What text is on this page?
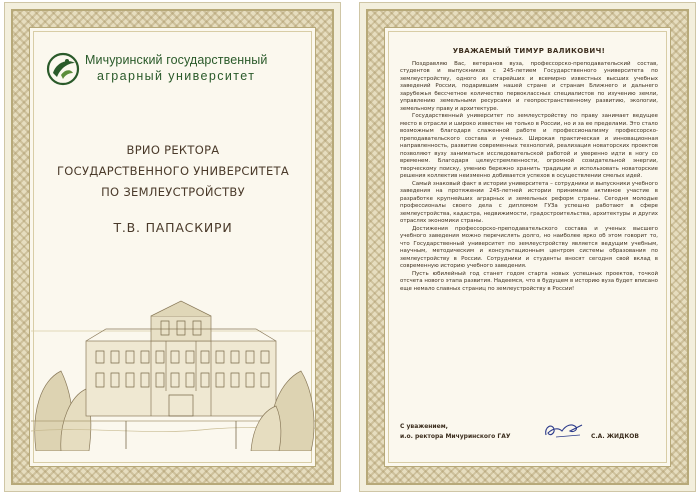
Мичуринский государственный
аграрный университет
ВРИО РЕКТОРА
ГОСУДАРСТВЕННОГО УНИВЕРСИТЕТА
ПО ЗЕМЛЕУСТРОЙСТВУ
Т.В. ПАПАСКИРИ
УВАЖАЕМЫЙ ТИМУР ВАЛИКОВИЧ!

Поздравляю Вас, ветеранов вуза, профессорско-преподавательский состав, студентов и выпускников с 245-летием Государственного университета по землеустройству, одного из старейших и всемирно известных высших учебных заведений России, подарившим нашей стране и странам Ближнего и дальнего зарубежья бессчетное количество первоклассных специалистов по изучению земли, управлению земельными ресурсами и геопространственному развитию, экологии, земельному праву и архитектуре.

Государственный университет по землеустройству по праву занимает ведущее место в отрасли и широко известен не только в России, но и за ее пределами. Это стало возможным благодаря слаженной работе и профессионализму профессорско-преподавательского состава и ученых. Широкая практическая и инновационная направленность, развитие современных технологий, реализация новаторских проектов позволяют вузу заниматься исследовательской работой и уверенно идти в ногу со временем. Благодаря целеустремленности, огромной созидательной энергии, творческому поиску, умению бережно хранить традиции и использовать новаторские решения коллектив неизменно добивается успехов в осуществлении смелых идей.

Самый знаковый факт в истории университета – сотрудники и выпускники учебного заведения на протяжении 245-летней истории принимали активное участие в разработке крупнейших аграрных и земельных реформ страны. Сегодня молодые профессионалы своего дела с дипломом ГУЗа успешно работают в сфере землеустройства, кадастра, недвижимости, градостроительства, архитектуры и других отраслях экономики страны.

Достижения профессорско-преподавательского состава и ученых высшего учебного заведения можно перечислять долго, но наиболее ярко об этом говорит то, что Государственный университет по землеустройству является ведущим учебным, научным, методическим и консультационным центром системы образования по землеустройству в России. Сотрудники и студенты вносят сегодня свой вклад в современную историю учебного заведения.

Пусть юбилейный год станет годом старта новых успешных проектов, точкой отсчета нового этапа развития. Надеемся, что в будущем в историю вуза будет вписано еще немало славных страниц по землеустройству в России!

С уважением,
и.о. ректора Мичуринского ГАУ	С.А. ЖИДКОВ
